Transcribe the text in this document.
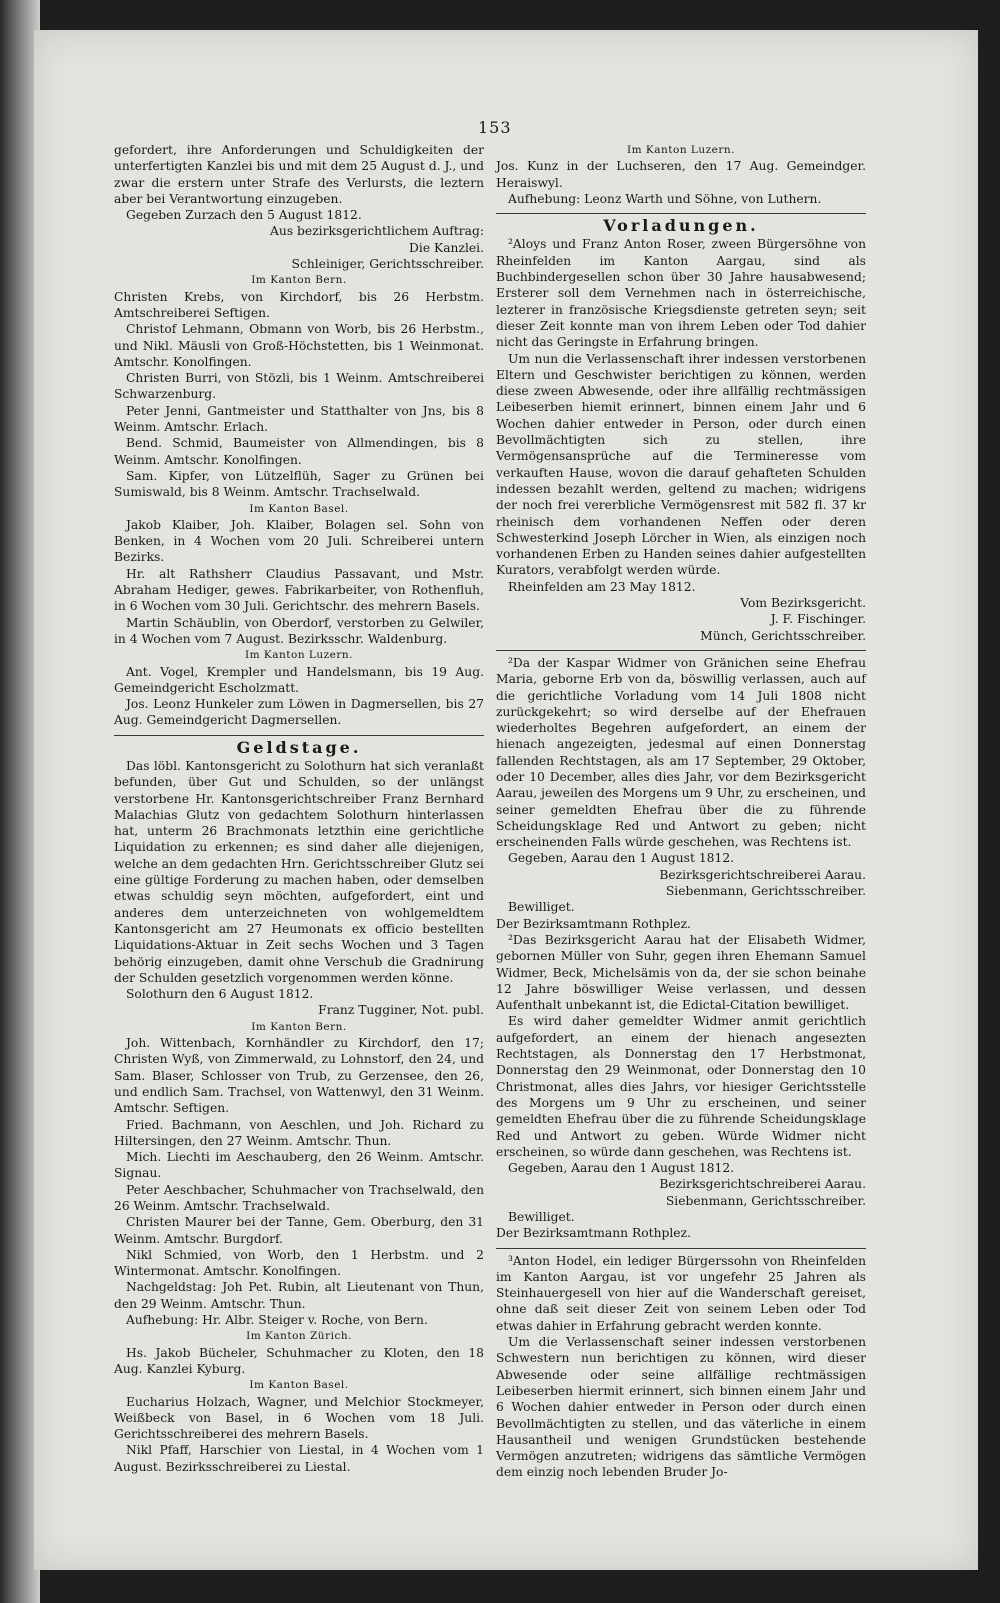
153

gefordert, ihre Anforderungen und Schuldigkeiten der unterfertigten Kanzlei bis und mit dem 25 August d. J., und zwar die erstern unter Strafe des Verlursts, die leztern aber bei Verantwortung einzugeben.

Gegeben Zurzach den 5 August 1812.

Aus bezirksgerichtlichem Auftrag:

Die Kanzlei.

Schleiniger, Gerichtsschreiber.

Im Kanton Bern.

Christen Krebs, von Kirchdorf, bis 26 Herbstm. Amtschreiberei Seftigen.

Christof Lehmann, Obmann von Worb, bis 26 Herbstm., und Nikl. Mäusli von Groß-Höchstetten, bis 1 Weinmonat. Amtschr. Konolfingen.

Christen Burri, von Stözli, bis 1 Weinm. Amtschreiberei Schwarzenburg.

Peter Jenni, Gantmeister und Statthalter von Jns, bis 8 Weinm. Amtschr. Erlach.

Bend. Schmid, Baumeister von Allmendingen, bis 8 Weinm. Amtschr. Konolfingen.

Sam. Kipfer, von Lützelflüh, Sager zu Grünen bei Sumiswald, bis 8 Weinm. Amtschr. Trachselwald.

Im Kanton Basel.

Jakob Klaiber, Joh. Klaiber, Bolagen sel. Sohn von Benken, in 4 Wochen vom 20 Juli. Schreiberei untern Bezirks.

Hr. alt Rathsherr Claudius Passavant, und Mstr. Abraham Hediger, gewes. Fabrikarbeiter, von Rothenfluh, in 6 Wochen vom 30 Juli. Gerichtschr. des mehrern Basels.

Martin Schäublin, von Oberdorf, verstorben zu Gelwiler, in 4 Wochen vom 7 August. Bezirksschr. Waldenburg.

Im Kanton Luzern.

Ant. Vogel, Krempler und Handelsmann, bis 19 Aug. Gemeindgericht Escholzmatt.

Jos. Leonz Hunkeler zum Löwen in Dagmersellen, bis 27 Aug. Gemeindgericht Dagmersellen.

Geldstage.

Das löbl. Kantonsgericht zu Solothurn hat sich veranlaßt befunden, über Gut und Schulden, so der unlängst verstorbene Hr. Kantonsgerichtschreiber Franz Bernhard Malachias Glutz von gedachtem Solothurn hinterlassen hat, unterm 26 Brachmonats letzthin eine gerichtliche Liquidation zu erkennen; es sind daher alle diejenigen, welche an dem gedachten Hrn. Gerichtsschreiber Glutz sei eine gültige Forderung zu machen haben, oder demselben etwas schuldig seyn möchten, aufgefordert, eint und anderes dem unterzeichneten von wohlgemeldtem Kantonsgericht am 27 Heumonats ex officio bestellten Liquidations-Aktuar in Zeit sechs Wochen und 3 Tagen behörig einzugeben, damit ohne Verschub die Gradnirung der Schulden gesetzlich vorgenommen werden könne.

Solothurn den 6 August 1812.

Franz Tugginer, Not. publ.

Im Kanton Bern.

Joh. Wittenbach, Kornhändler zu Kirchdorf, den 17; Christen Wyß, von Zimmerwald, zu Lohnstorf, den 24, und Sam. Blaser, Schlosser von Trub, zu Gerzensee, den 26, und endlich Sam. Trachsel, von Wattenwyl, den 31 Weinm. Amtschr. Seftigen.

Fried. Bachmann, von Aeschlen, und Joh. Richard zu Hiltersingen, den 27 Weinm. Amtschr. Thun.

Mich. Liechti im Aeschauberg, den 26 Weinm. Amtschr. Signau.

Peter Aeschbacher, Schuhmacher von Trachselwald, den 26 Weinm. Amtschr. Trachselwald.

Christen Maurer bei der Tanne, Gem. Oberburg, den 31 Weinm. Amtschr. Burgdorf.

Nikl Schmied, von Worb, den 1 Herbstm. und 2 Wintermonat. Amtschr. Konolfingen.

Nachgeldstag: Joh Pet. Rubin, alt Lieutenant von Thun, den 29 Weinm. Amtschr. Thun.

Aufhebung: Hr. Albr. Steiger v. Roche, von Bern.

Im Kanton Zürich.

Hs. Jakob Bücheler, Schuhmacher zu Kloten, den 18 Aug. Kanzlei Kyburg.

Im Kanton Basel.

Eucharius Holzach, Wagner, und Melchior Stockmeyer, Weißbeck von Basel, in 6 Wochen vom 18 Juli. Gerichtsschreiberei des mehrern Basels.

Nikl Pfaff, Harschier von Liestal, in 4 Wochen vom 1 August. Bezirksschreiberei zu Liestal.

Im Kanton Luzern.

Jos. Kunz in der Luchseren, den 17 Aug. Gemeindger. Heraiswyl.

Aufhebung: Leonz Warth und Söhne, von Luthern.

Vorladungen.

²Aloys und Franz Anton Roser, zween Bürgersöhne von Rheinfelden im Kanton Aargau, sind als Buchbindergesellen schon über 30 Jahre hausabwesend; Ersterer soll dem Vernehmen nach in österreichische, lezterer in französische Kriegsdienste getreten seyn; seit dieser Zeit konnte man von ihrem Leben oder Tod dahier nicht das Geringste in Erfahrung bringen.

Um nun die Verlassenschaft ihrer indessen verstorbenen Eltern und Geschwister berichtigen zu können, werden diese zween Abwesende, oder ihre allfällig rechtmässigen Leibeserben hiemit erinnert, binnen einem Jahr und 6 Wochen dahier entweder in Person, oder durch einen Bevollmächtigten sich zu stellen, ihre Vermögensansprüche auf die Termineresse vom verkauften Hause, wovon die darauf gehafteten Schulden indessen bezahlt werden, geltend zu machen; widrigens der noch frei vererbliche Vermögensrest mit 582 fl. 37 kr rheinisch dem vorhandenen Neffen oder deren Schwesterkind Joseph Lörcher in Wien, als einzigen noch vorhandenen Erben zu Handen seines dahier aufgestellten Kurators, verabfolgt werden würde.

Rheinfelden am 23 May 1812.

Vom Bezirksgericht.

J. F. Fischinger.

Münch, Gerichtsschreiber.

²Da der Kaspar Widmer von Gränichen seine Ehefrau Maria, geborne Erb von da, böswillig verlassen, auch auf die gerichtliche Vorladung vom 14 Juli 1808 nicht zurückgekehrt; so wird derselbe auf der Ehefrauen wiederholtes Begehren aufgefordert, an einem der hienach angezeigten, jedesmal auf einen Donnerstag fallenden Rechtstagen, als am 17 September, 29 Oktober, oder 10 December, alles dies Jahr, vor dem Bezirksgericht Aarau, jeweilen des Morgens um 9 Uhr, zu erscheinen, und seiner gemeldten Ehefrau über die zu führende Scheidungsklage Red und Antwort zu geben; nicht erscheinenden Falls würde geschehen, was Rechtens ist.

Gegeben, Aarau den 1 August 1812.

Bezirksgerichtschreiberei Aarau.

Siebenmann, Gerichtsschreiber.

Bewilliget.

Der Bezirksamtmann Rothplez.

²Das Bezirksgericht Aarau hat der Elisabeth Widmer, gebornen Müller von Suhr, gegen ihren Ehemann Samuel Widmer, Beck, Michelsämis von da, der sie schon beinahe 12 Jahre böswilliger Weise verlassen, und dessen Aufenthalt unbekannt ist, die Edictal-Citation bewilliget.

Es wird daher gemeldter Widmer anmit gerichtlich aufgefordert, an einem der hienach angesezten Rechtstagen, als Donnerstag den 17 Herbstmonat, Donnerstag den 29 Weinmonat, oder Donnerstag den 10 Christmonat, alles dies Jahrs, vor hiesiger Gerichtsstelle des Morgens um 9 Uhr zu erscheinen, und seiner gemeldten Ehefrau über die zu führende Scheidungsklage Red und Antwort zu geben. Würde Widmer nicht erscheinen, so würde dann geschehen, was Rechtens ist.

Gegeben, Aarau den 1 August 1812.

Bezirksgerichtschreiberei Aarau.

Siebenmann, Gerichtsschreiber.

Bewilliget.

Der Bezirksamtmann Rothplez.

³Anton Hodel, ein lediger Bürgerssohn von Rheinfelden im Kanton Aargau, ist vor ungefehr 25 Jahren als Steinhauergesell von hier auf die Wanderschaft gereiset, ohne daß seit dieser Zeit von seinem Leben oder Tod etwas dahier in Erfahrung gebracht werden konnte.

Um die Verlassenschaft seiner indessen verstorbenen Schwestern nun berichtigen zu können, wird dieser Abwesende oder seine allfällige rechtmässigen Leibeserben hiermit erinnert, sich binnen einem Jahr und 6 Wochen dahier entweder in Person oder durch einen Bevollmächtigten zu stellen, und das väterliche in einem Hausantheil und wenigen Grundstücken bestehende Vermögen anzutreten; widrigens das sämtliche Vermögen dem einzig noch lebenden Bruder Jo-
